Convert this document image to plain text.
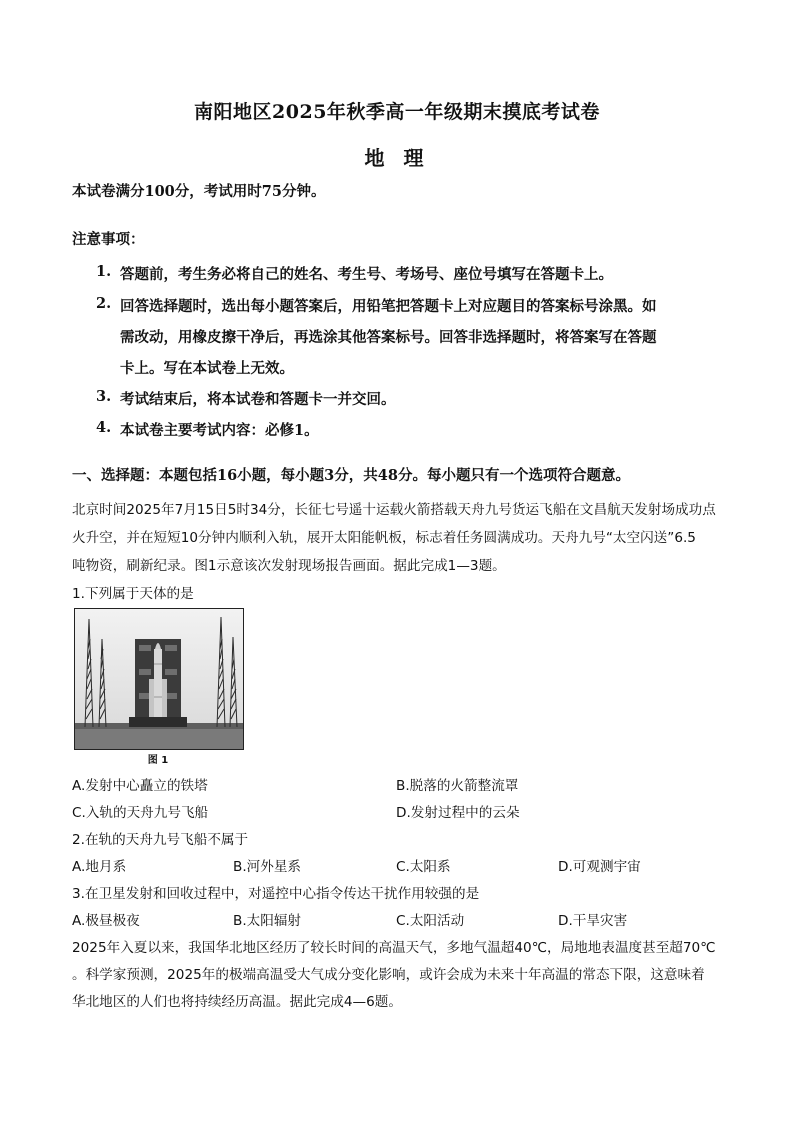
南阳地区2025年秋季高一年级期末摸底考试卷
地 理
本试卷满分100分，考试用时75分钟。
注意事项：
1. 答题前，考生务必将自己的姓名、考生号、考场号、座位号填写在答题卡上。
2. 回答选择题时，选出每小题答案后，用铅笔把答题卡上对应题目的答案标号涂黑。如
需改动，用橡皮擦干净后，再选涂其他答案标号。回答非选择题时，将答案写在答题
卡上。写在本试卷上无效。
3. 考试结束后，将本试卷和答题卡一并交回。
4. 本试卷主要考试内容：必修1。
一、选择题：本题包括16小题，每小题3分，共48分。每小题只有一个选项符合题意。
北京时间2025年7月15日5时34分，长征七号遥十运载火箭搭载天舟九号货运飞船在文昌航天发射场成功点
火升空，并在短短10分钟内顺利入轨，展开太阳能帆板，标志着任务圆满成功。天舟九号“太空闪送”6.5
吨物资，刷新纪录。图1示意该次发射现场报告画面。据此完成1—3题。
1.下列属于天体的是
图 1
A.发射中心矗立的铁塔	B.脱落的火箭整流罩
C.入轨的天舟九号飞船	D.发射过程中的云朵
2.在轨的天舟九号飞船不属于
A.地月系	B.河外星系	C.太阳系	D.可观测宇宙
3.在卫星发射和回收过程中，对遥控中心指令传达干扰作用较强的是
A.极昼极夜	B.太阳辐射	C.太阳活动	D.干旱灾害
2025年入夏以来，我国华北地区经历了较长时间的高温天气，多地气温超40℃，局地地表温度甚至超70℃
。科学家预测，2025年的极端高温受大气成分变化影响，或许会成为未来十年高温的常态下限，这意味着
华北地区的人们也将持续经历高温。据此完成4—6题。
